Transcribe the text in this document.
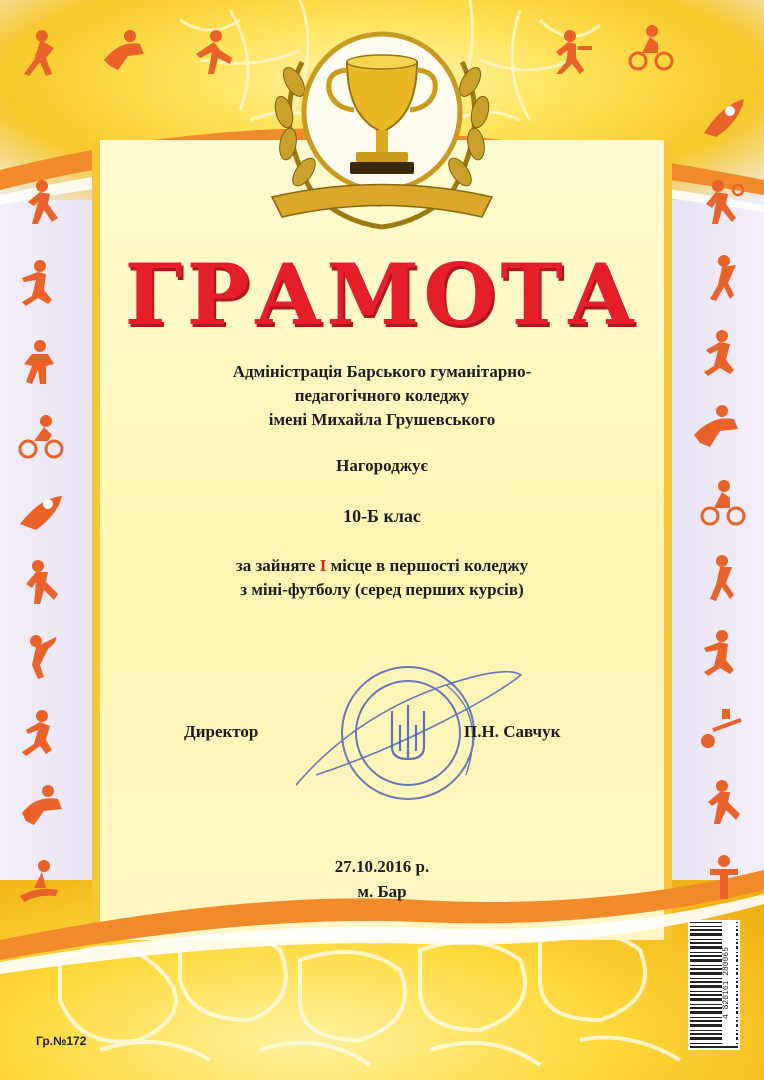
ГРАМОТА
Адміністрація Барського гуманітарно-
педагогічного коледжу
імені Михайла Грушевського
Нагороджує
10-Б клас
за зайняте I місце в першості коледжу
з міні-футболу (серед перших курсів)
Директор	П.Н. Савчук
27.10.2016 р.
м. Бар
4 820161 280065
Гр.№172
